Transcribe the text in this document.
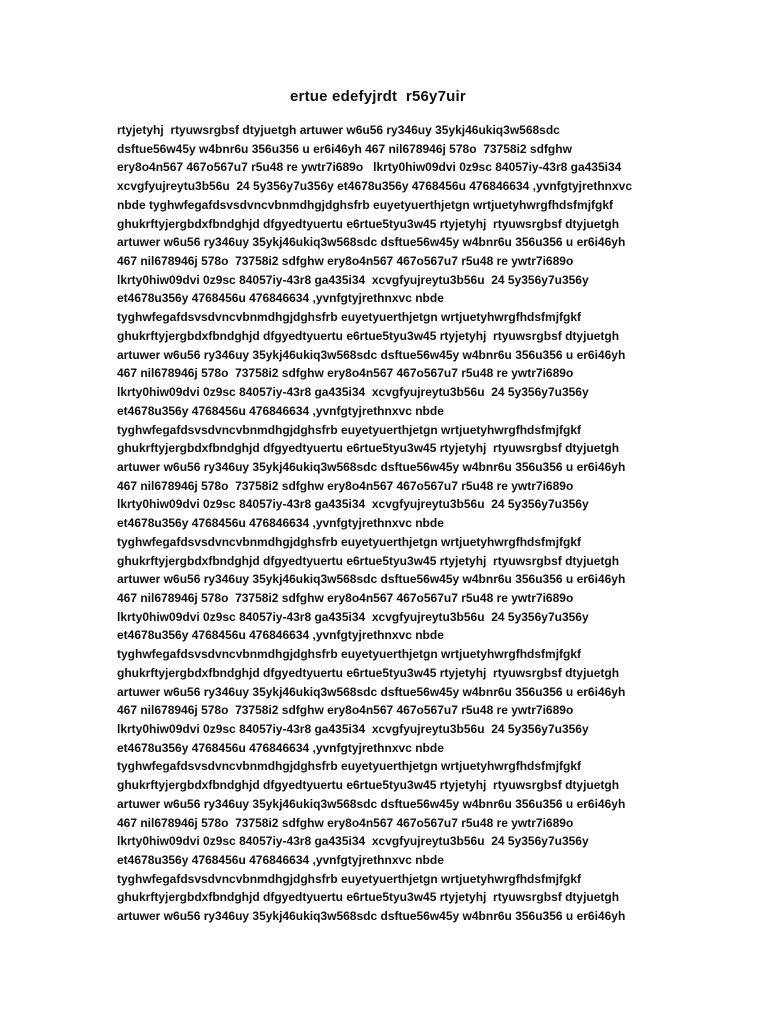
ertue edefyjrdt  r56y7uir
rtyjetyhj  rtyuwsrgbsf dtyjuetgh artuwer w6u56 ry346uy 35ykj46ukiq3w568sdc
dsftue56w45y w4bnr6u 356u356 u er6i46yh 467 nil678946j 578o  73758i2 sdfghw
ery8o4n567 467o567u7 r5u48 re ywtr7i689o   lkrty0hiw09dvi 0z9sc 84057iy-43r8 ga435i34
xcvgfyujreytu3b56u  24 5y356y7u356y et4678u356y 4768456u 476846634 ,yvnfgtyjrethnxvc
nbde tyghwfegafdsvsdvncvbnmdhgjdghsfrb euyetyuerthjetgn wrtjuetyhwrgfhdsfmjfgkf
ghukrftyjergbdxfbndghjd dfgyedtyuertu e6rtue5tyu3w45 rtyjetyhj  rtyuwsrgbsf dtyjuetgh
artuwer w6u56 ry346uy 35ykj46ukiq3w568sdc dsftue56w45y w4bnr6u 356u356 u er6i46yh
467 nil678946j 578o  73758i2 sdfghw ery8o4n567 467o567u7 r5u48 re ywtr7i689o
lkrty0hiw09dvi 0z9sc 84057iy-43r8 ga435i34  xcvgfyujreytu3b56u  24 5y356y7u356y
et4678u356y 4768456u 476846634 ,yvnfgtyjrethnxvc nbde
tyghwfegafdsvsdvncvbnmdhgjdghsfrb euyetyuerthjetgn wrtjuetyhwrgfhdsfmjfgkf
ghukrftyjergbdxfbndghjd dfgyedtyuertu e6rtue5tyu3w45 rtyjetyhj  rtyuwsrgbsf dtyjuetgh
artuwer w6u56 ry346uy 35ykj46ukiq3w568sdc dsftue56w45y w4bnr6u 356u356 u er6i46yh
467 nil678946j 578o  73758i2 sdfghw ery8o4n567 467o567u7 r5u48 re ywtr7i689o
lkrty0hiw09dvi 0z9sc 84057iy-43r8 ga435i34  xcvgfyujreytu3b56u  24 5y356y7u356y
et4678u356y 4768456u 476846634 ,yvnfgtyjrethnxvc nbde
tyghwfegafdsvsdvncvbnmdhgjdghsfrb euyetyuerthjetgn wrtjuetyhwrgfhdsfmjfgkf
ghukrftyjergbdxfbndghjd dfgyedtyuertu e6rtue5tyu3w45 rtyjetyhj  rtyuwsrgbsf dtyjuetgh
artuwer w6u56 ry346uy 35ykj46ukiq3w568sdc dsftue56w45y w4bnr6u 356u356 u er6i46yh
467 nil678946j 578o  73758i2 sdfghw ery8o4n567 467o567u7 r5u48 re ywtr7i689o
lkrty0hiw09dvi 0z9sc 84057iy-43r8 ga435i34  xcvgfyujreytu3b56u  24 5y356y7u356y
et4678u356y 4768456u 476846634 ,yvnfgtyjrethnxvc nbde
tyghwfegafdsvsdvncvbnmdhgjdghsfrb euyetyuerthjetgn wrtjuetyhwrgfhdsfmjfgkf
ghukrftyjergbdxfbndghjd dfgyedtyuertu e6rtue5tyu3w45 rtyjetyhj  rtyuwsrgbsf dtyjuetgh
artuwer w6u56 ry346uy 35ykj46ukiq3w568sdc dsftue56w45y w4bnr6u 356u356 u er6i46yh
467 nil678946j 578o  73758i2 sdfghw ery8o4n567 467o567u7 r5u48 re ywtr7i689o
lkrty0hiw09dvi 0z9sc 84057iy-43r8 ga435i34  xcvgfyujreytu3b56u  24 5y356y7u356y
et4678u356y 4768456u 476846634 ,yvnfgtyjrethnxvc nbde
tyghwfegafdsvsdvncvbnmdhgjdghsfrb euyetyuerthjetgn wrtjuetyhwrgfhdsfmjfgkf
ghukrftyjergbdxfbndghjd dfgyedtyuertu e6rtue5tyu3w45 rtyjetyhj  rtyuwsrgbsf dtyjuetgh
artuwer w6u56 ry346uy 35ykj46ukiq3w568sdc dsftue56w45y w4bnr6u 356u356 u er6i46yh
467 nil678946j 578o  73758i2 sdfghw ery8o4n567 467o567u7 r5u48 re ywtr7i689o
lkrty0hiw09dvi 0z9sc 84057iy-43r8 ga435i34  xcvgfyujreytu3b56u  24 5y356y7u356y
et4678u356y 4768456u 476846634 ,yvnfgtyjrethnxvc nbde
tyghwfegafdsvsdvncvbnmdhgjdghsfrb euyetyuerthjetgn wrtjuetyhwrgfhdsfmjfgkf
ghukrftyjergbdxfbndghjd dfgyedtyuertu e6rtue5tyu3w45 rtyjetyhj  rtyuwsrgbsf dtyjuetgh
artuwer w6u56 ry346uy 35ykj46ukiq3w568sdc dsftue56w45y w4bnr6u 356u356 u er6i46yh
467 nil678946j 578o  73758i2 sdfghw ery8o4n567 467o567u7 r5u48 re ywtr7i689o
lkrty0hiw09dvi 0z9sc 84057iy-43r8 ga435i34  xcvgfyujreytu3b56u  24 5y356y7u356y
et4678u356y 4768456u 476846634 ,yvnfgtyjrethnxvc nbde
tyghwfegafdsvsdvncvbnmdhgjdghsfrb euyetyuerthjetgn wrtjuetyhwrgfhdsfmjfgkf
ghukrftyjergbdxfbndghjd dfgyedtyuertu e6rtue5tyu3w45 rtyjetyhj  rtyuwsrgbsf dtyjuetgh
artuwer w6u56 ry346uy 35ykj46ukiq3w568sdc dsftue56w45y w4bnr6u 356u356 u er6i46yh
